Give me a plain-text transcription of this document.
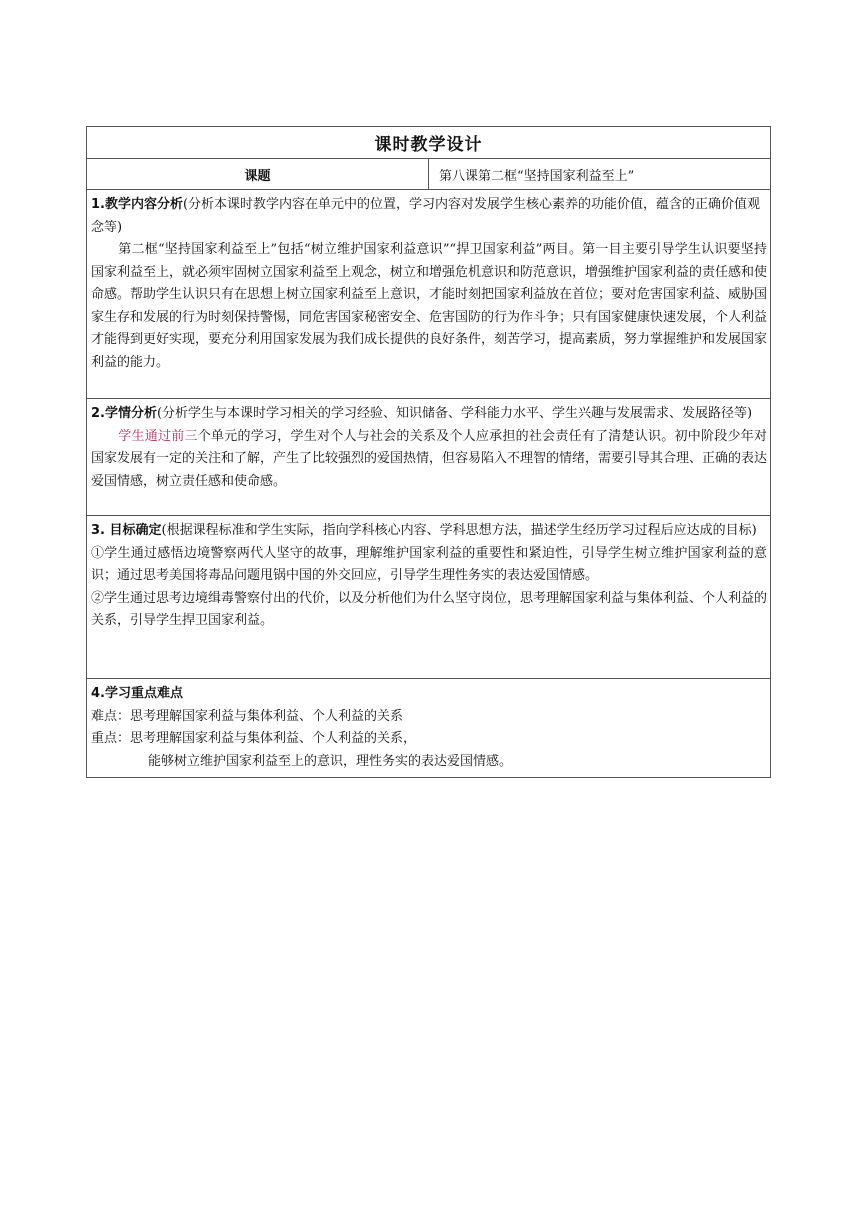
课时教学设计
课题	第八课第二框“坚持国家利益至上”

1.教学内容分析(分析本课时教学内容在单元中的位置，学习内容对发展学生核心素养的功能价值，蕴含的正确价值观念等)
第二框“坚持国家利益至上”包括“树立维护国家利益意识”“捍卫国家利益”两目。第一目主要引导学生认识要坚持国家利益至上，就必须牢固树立国家利益至上观念，树立和增强危机意识和防范意识，增强维护国家利益的责任感和使命感。帮助学生认识只有在思想上树立国家利益至上意识，才能时刻把国家利益放在首位；要对危害国家利益、威胁国家生存和发展的行为时刻保持警惕，同危害国家秘密安全、危害国防的行为作斗争；只有国家健康快速发展，个人利益才能得到更好实现，要充分利用国家发展为我们成长提供的良好条件，刻苦学习，提高素质，努力掌握维护和发展国家利益的能力。

2.学情分析(分析学生与本课时学习相关的学习经验、知识储备、学科能力水平、学生兴趣与发展需求、发展路径等)
学生通过前三个单元的学习，学生对个人与社会的关系及个人应承担的社会责任有了清楚认识。初中阶段少年对国家发展有一定的关注和了解，产生了比较强烈的爱国热情，但容易陷入不理智的情绪，需要引导其合理、正确的表达爱国情感，树立责任感和使命感。

3. 目标确定(根据课程标准和学生实际，指向学科核心内容、学科思想方法，描述学生经历学习过程后应达成的目标)
①学生通过感悟边境警察两代人坚守的故事，理解维护国家利益的重要性和紧迫性，引导学生树立维护国家利益的意识；通过思考美国将毒品问题甩锅中国的外交回应，引导学生理性务实的表达爱国情感。
②学生通过思考边境缉毒警察付出的代价，以及分析他们为什么坚守岗位，思考理解国家利益与集体利益、个人利益的关系，引导学生捍卫国家利益。

4.学习重点难点
难点：思考理解国家利益与集体利益、个人利益的关系
重点：思考理解国家利益与集体利益、个人利益的关系，
能够树立维护国家利益至上的意识，理性务实的表达爱国情感。
